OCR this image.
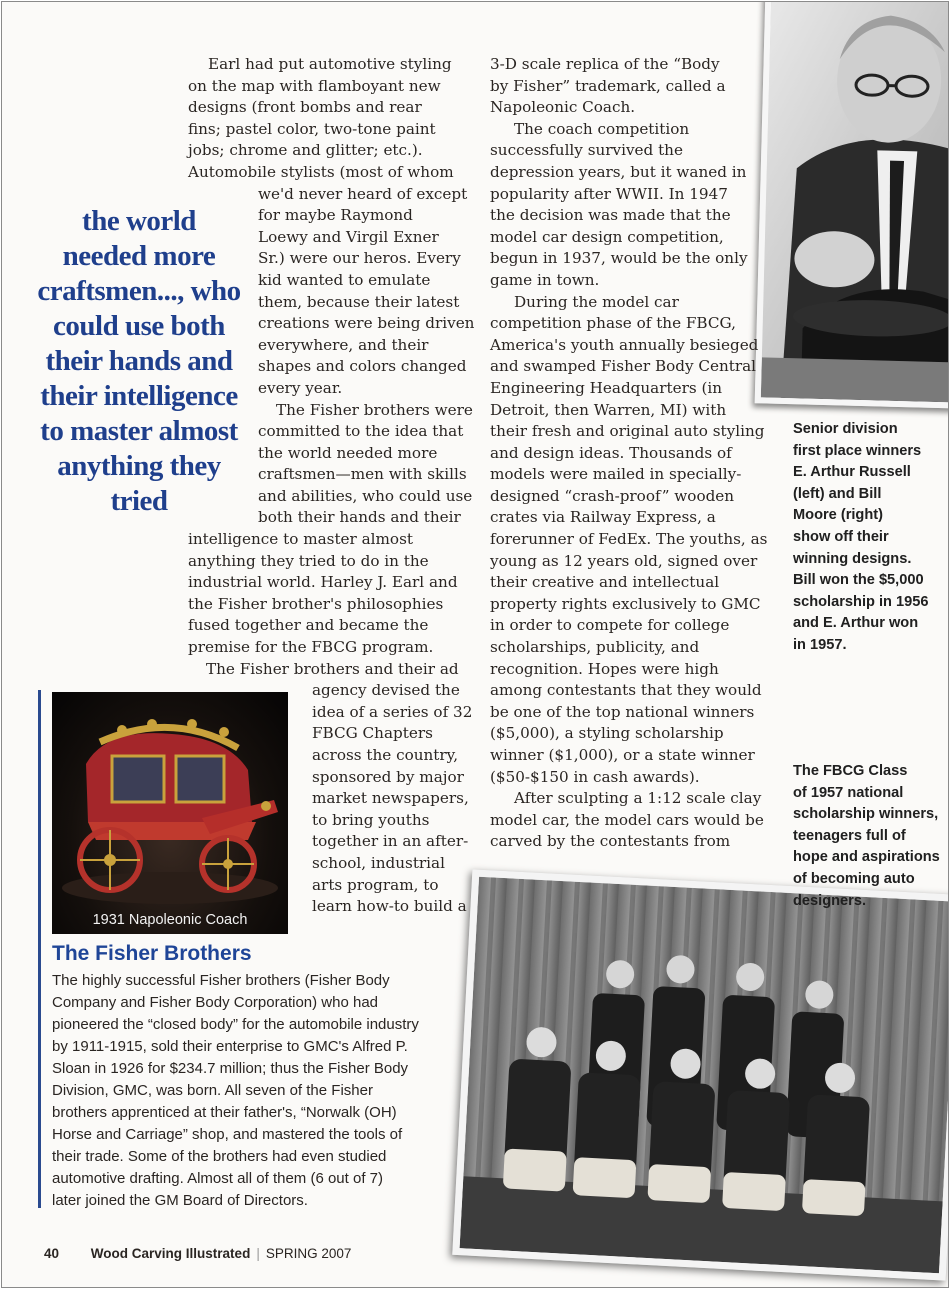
Earl had put automotive styling
on the map with flamboyant new
designs (front bombs and rear
fins; pastel color, two-tone paint
jobs; chrome and glitter; etc.).
Automobile stylists (most of whom
we'd never heard of except
for maybe Raymond
Loewy and Virgil Exner
Sr.) were our heros. Every
kid wanted to emulate
them, because their latest
creations were being driven
everywhere, and their
shapes and colors changed
every year.
The Fisher brothers were
committed to the idea that
the world needed more
craftsmen—men with skills
and abilities, who could use
both their hands and their
intelligence to master almost
anything they tried to do in the
industrial world. Harley J. Earl and
the Fisher brother's philosophies
fused together and became the
premise for the FBCG program.
The Fisher brothers and their ad
agency devised the
idea of a series of 32
FBCG Chapters
across the country,
sponsored by major
market newspapers,
to bring youths
together in an after-
school, industrial
arts program, to
learn how-to build a
3-D scale replica of the “Body
by Fisher” trademark, called a
Napoleonic Coach.
The coach competition
successfully survived the
depression years, but it waned in
popularity after WWII. In 1947
the decision was made that the
model car design competition,
begun in 1937, would be the only
game in town.
During the model car
competition phase of the FBCG,
America's youth annually besieged
and swamped Fisher Body Central
Engineering Headquarters (in
Detroit, then Warren, MI) with
their fresh and original auto styling
and design ideas. Thousands of
models were mailed in specially-
designed “crash-proof” wooden
crates via Railway Express, a
forerunner of FedEx. The youths, as
young as 12 years old, signed over
their creative and intellectual
property rights exclusively to GMC
in order to compete for college
scholarships, publicity, and
recognition. Hopes were high
among contestants that they would
be one of the top national winners
($5,000), a styling scholarship
winner ($1,000), or a state winner
($50-$150 in cash awards).
After sculpting a 1:12 scale clay
model car, the model cars would be
carved by the contestants from
the world
needed more
craftsmen..., who
could use both
their hands and
their intelligence
to master almost
anything they
tried
Senior division
first place winners
E. Arthur Russell
(left) and Bill
Moore (right)
show off their
winning designs.
Bill won the $5,000
scholarship in 1956
and E. Arthur won
in 1957.
The FBCG Class
of 1957 national
scholarship winners,
teenagers full of
hope and aspirations
of becoming auto
designers.
1931 Napoleonic Coach
The Fisher Brothers
The highly successful Fisher brothers (Fisher Body
Company and Fisher Body Corporation) who had
pioneered the “closed body” for the automobile industry
by 1911-1915, sold their enterprise to GMC's Alfred P.
Sloan in 1926 for $234.7 million; thus the Fisher Body
Division, GMC, was born. All seven of the Fisher
brothers apprenticed at their father's, “Norwalk (OH)
Horse and Carriage” shop, and mastered the tools of
their trade. Some of the brothers had even studied
automotive drafting. Almost all of them (6 out of 7)
later joined the GM Board of Directors.
40 Wood Carving Illustrated | SPRING 2007
